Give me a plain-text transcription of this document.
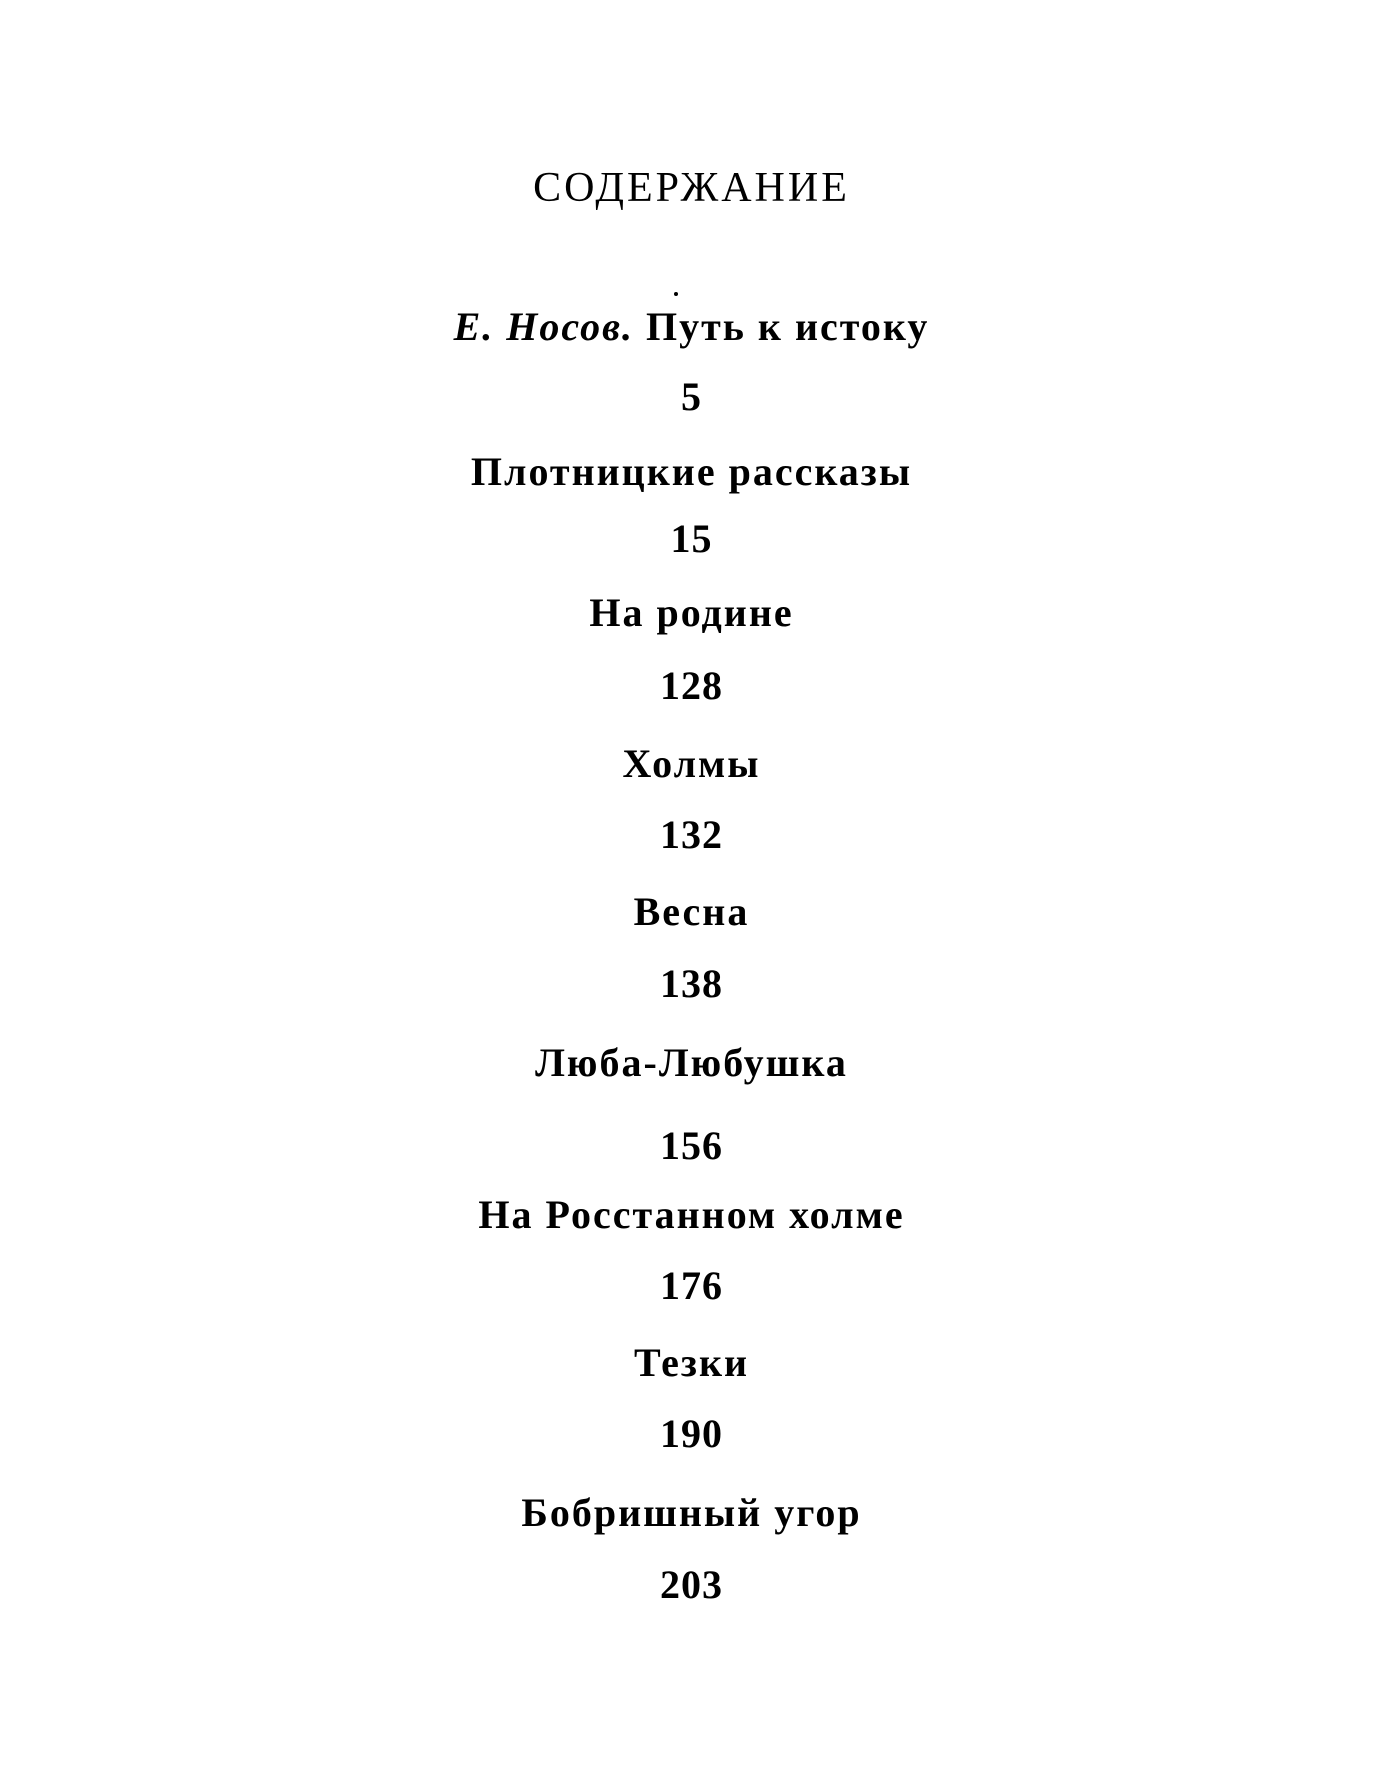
СОДЕРЖАНИЕ
Е. Носов. Путь к истоку
5
Плотницкие рассказы
15
На родине
128
Холмы
132
Весна
138
Люба-Любушка
156
На Росстанном холме
176
Тезки
190
Бобришный угор
203
